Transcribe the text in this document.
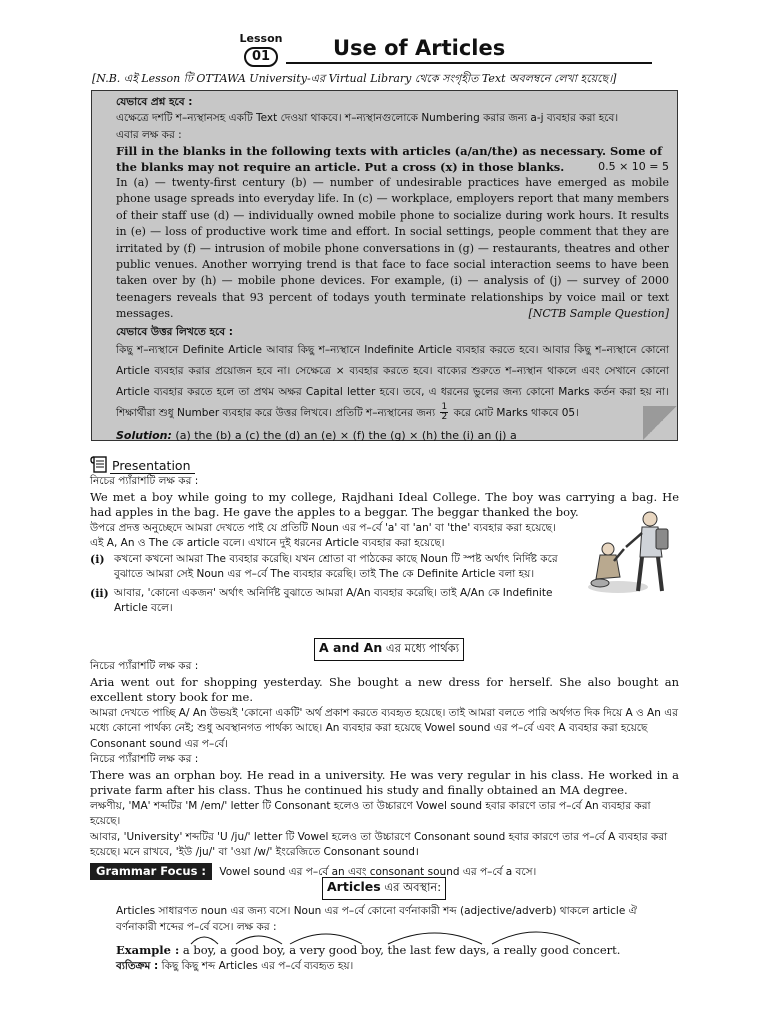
Lesson
01	Use of Articles
[N.B. এই Lesson টি OTTAWA University-এর Virtual Library থেকে সংগৃহীত Text অবলম্বনে লেখা হয়েছে।]
যেভাবে প্রশ্ন হবে :
এক্ষেত্রে দশটি শ–ন্যস্থানসহ একটি Text দেওয়া থাকবে। শ–ন্যস্থানগুলোকে Numbering করার জন্য a-j ব্যবহার করা হবে।
এবার লক্ষ কর :
Fill in the blanks in the following texts with articles (a/an/the) as necessary. Some of the blanks may not require an article. Put a cross (x) in those blanks.	0.5 × 10 = 5
In (a) — twenty-first century (b) — number of undesirable practices have emerged as mobile phone usage spreads into everyday life. In (c) — workplace, employers report that many members of their staff use (d) — individually owned mobile phone to socialize during work hours. It results in (e) — loss of productive work time and effort. In social settings, people comment that they are irritated by (f) — intrusion of mobile phone conversations in (g) — restaurants, theatres and other public venues. Another worrying trend is that face to face social interaction seems to have been taken over by (h) — mobile phone devices. For example, (i) — analysis of (j) — survey of 2000 teenagers reveals that 93 percent of todays youth terminate relationships by voice mail or text messages.	[NCTB Sample Question]
যেভাবে উত্তর লিখতে হবে :
কিছু শ–ন্যস্থানে Definite Article আবার কিছু শ–ন্যস্থানে Indefinite Article ব্যবহার করতে হবে। আবার কিছু শ–ন্যস্থানে কোনো Article ব্যবহার করার প্রয়োজন হবে না। সেক্ষেত্রে × ব্যবহার করতে হবে। বাক্যের শুরুতে শ–ন্যস্থান থাকলে এবং সেখানে কোনো Article ব্যবহার করতে হলে তা প্রথম অক্ষর Capital letter হবে। তবে, এ ধরনের ভুলের জন্য কোনো Marks কর্তন করা হয় না। শিক্ষার্থীরা শুধু Number ব্যবহার করে উত্তর লিখবে। প্রতিটি শ–ন্যস্থানের জন্য $\frac{1}{2}$ করে মোট Marks থাকবে 05।
Solution: (a) the (b) a (c) the (d) an (e) × (f) the (g) × (h) the (i) an (j) a
Presentation
নিচের প্যাঁরাশটি লক্ষ কর :
We met a boy while going to my college, Rajdhani Ideal College. The boy was carrying a bag. He had apples in the bag. He gave the apples to a beggar. The beggar thanked the boy.
উপরে প্রদত্ত অনুচ্ছেদে আমরা দেখতে পাই যে প্রতিটি Noun এর প–র্বে 'a' বা 'an' বা 'the' ব্যবহার করা হয়েছে। এই A, An ও The কে article বলে। এখানে দুই ধরনের Article ব্যবহার করা হয়েছে।
(i) কখনো কখনো আমরা The ব্যবহার করেছি। যখন শ্রোতা বা পাঠকের কাছে Noun টি স্পষ্ট অর্থাৎ নির্দিষ্ট করে বুঝাতে আমরা সেই Noun এর প–র্বে The ব্যবহার করেছি। তাই The কে Definite Article বলা হয়।
(ii) আবার, 'কোনো একজন' অর্থাৎ অনির্দিষ্ট বুঝাতে আমরা A/An ব্যবহার করেছি। তাই A/An কে Indefinite Article বলে।
A and An এর মধ্যে পার্থক্য
নিচের প্যাঁরাশটি লক্ষ কর :
Aria went out for shopping yesterday. She bought a new dress for herself. She also bought an excellent story book for me.
আমরা দেখতে পাচ্ছি A/ An উভয়ই 'কোনো একটি' অর্থ প্রকাশ করতে ব্যবহৃত হয়েছে। তাই আমরা বলতে পারি অর্থগত দিক দিয়ে A ও An এর মধ্যে কোনো পার্থক্য নেই; শুধু অবস্থানগত পার্থক্য আছে। An ব্যবহার করা হয়েছে Vowel sound এর প–র্বে এবং A ব্যবহার করা হয়েছে Consonant sound এর প–র্বে।
নিচের প্যাঁরাশটি লক্ষ কর :
There was an orphan boy. He read in a university. He was very regular in his class. He worked in a private farm after his class. Thus he continued his study and finally obtained an MA degree.
লক্ষণীয়, 'MA' শব্দটির 'M /em/' letter টি Consonant হলেও তা উচ্চারণে Vowel sound হবার কারণে তার প–র্বে An ব্যবহার করা হয়েছে।
আবার, 'University' শব্দটির 'U /ju/' letter টি Vowel হলেও তা উচ্চারণে Consonant sound হবার কারণে তার প–র্বে A ব্যবহার করা হয়েছে। মনে রাখবে, 'ইউ /ju/' বা 'ওয়া /w/' ইংরেজিতে Consonant sound।
Grammar Focus : Vowel sound এর প–র্বে an এবং consonant sound এর প–র্বে a বসে।
Articles এর অবস্থান:
Articles সাধারণত noun এর জন্য বসে। Noun এর প–র্বে কোনো বর্ণনাকারী শব্দ (adjective/adverb) থাকলে article ঐ বর্ণনাকারী শব্দের প–র্বে বসে। লক্ষ কর :
Example : a boy, a good boy, a very good boy, the last few days, a really good concert.
ব্যতিক্রম : কিছু কিছু শব্দ Articles এর প–র্বে ব্যবহৃত হয়।
